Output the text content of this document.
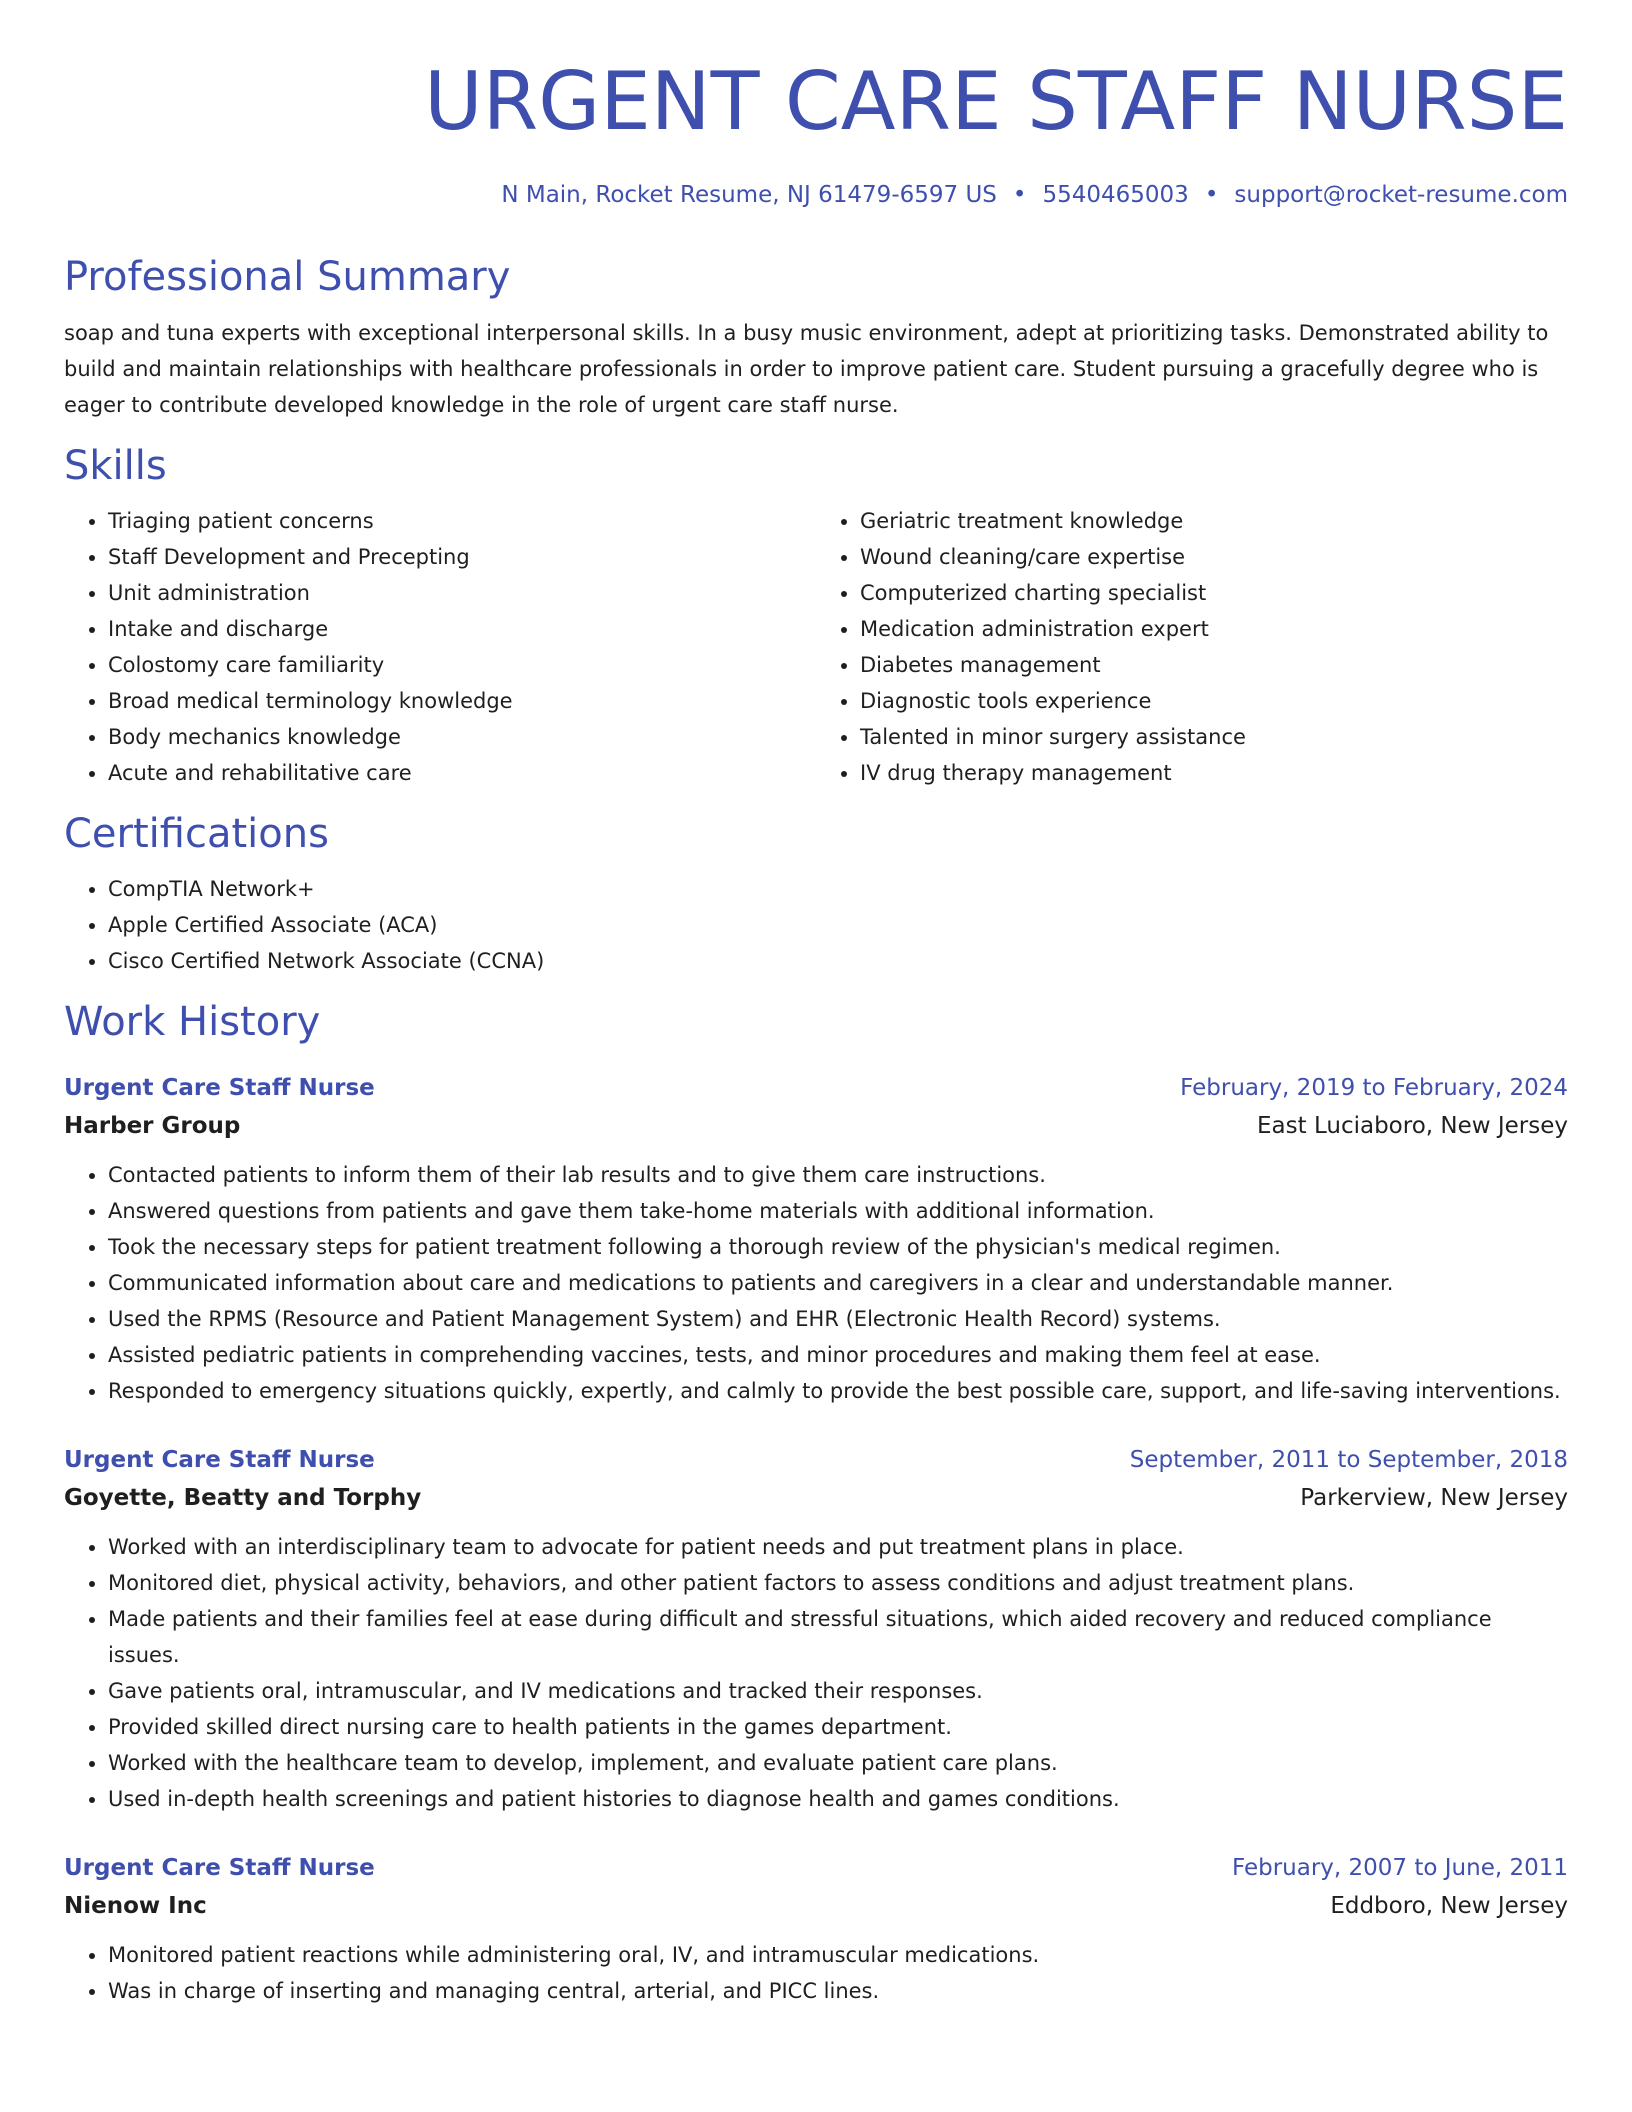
URGENT CARE STAFF NURSE
N Main, Rocket Resume, NJ 61479-6597 US • 5540465003 • support@rocket-resume.com
Professional Summary

soap and tuna experts with exceptional interpersonal skills. In a busy music environment, adept at prioritizing tasks. Demonstrated ability to build and maintain relationships with healthcare professionals in order to improve patient care. Student pursuing a gracefully degree who is eager to contribute developed knowledge in the role of urgent care staff nurse.

Skills
• Triaging patient concerns
• Staff Development and Precepting
• Unit administration
• Intake and discharge
• Colostomy care familiarity
• Broad medical terminology knowledge
• Body mechanics knowledge
• Acute and rehabilitative care
• Geriatric treatment knowledge
• Wound cleaning/care expertise
• Computerized charting specialist
• Medication administration expert
• Diabetes management
• Diagnostic tools experience
• Talented in minor surgery assistance
• IV drug therapy management
Certifications
• CompTIA Network+
• Apple Certified Associate (ACA)
• Cisco Certified Network Associate (CCNA)
Work History
Urgent Care Staff Nurse	February, 2019 to February, 2024
Harber Group	East Luciaboro, New Jersey
• Contacted patients to inform them of their lab results and to give them care instructions.
• Answered questions from patients and gave them take-home materials with additional information.
• Took the necessary steps for patient treatment following a thorough review of the physician's medical regimen.
• Communicated information about care and medications to patients and caregivers in a clear and understandable manner.
• Used the RPMS (Resource and Patient Management System) and EHR (Electronic Health Record) systems.
• Assisted pediatric patients in comprehending vaccines, tests, and minor procedures and making them feel at ease.
• Responded to emergency situations quickly, expertly, and calmly to provide the best possible care, support, and life-saving interventions.
Urgent Care Staff Nurse	September, 2011 to September, 2018
Goyette, Beatty and Torphy	Parkerview, New Jersey
• Worked with an interdisciplinary team to advocate for patient needs and put treatment plans in place.
• Monitored diet, physical activity, behaviors, and other patient factors to assess conditions and adjust treatment plans.
• Made patients and their families feel at ease during difficult and stressful situations, which aided recovery and reduced compliance issues.
• Gave patients oral, intramuscular, and IV medications and tracked their responses.
• Provided skilled direct nursing care to health patients in the games department.
• Worked with the healthcare team to develop, implement, and evaluate patient care plans.
• Used in-depth health screenings and patient histories to diagnose health and games conditions.
Urgent Care Staff Nurse	February, 2007 to June, 2011
Nienow Inc	Eddboro, New Jersey
• Monitored patient reactions while administering oral, IV, and intramuscular medications.
• Was in charge of inserting and managing central, arterial, and PICC lines.
